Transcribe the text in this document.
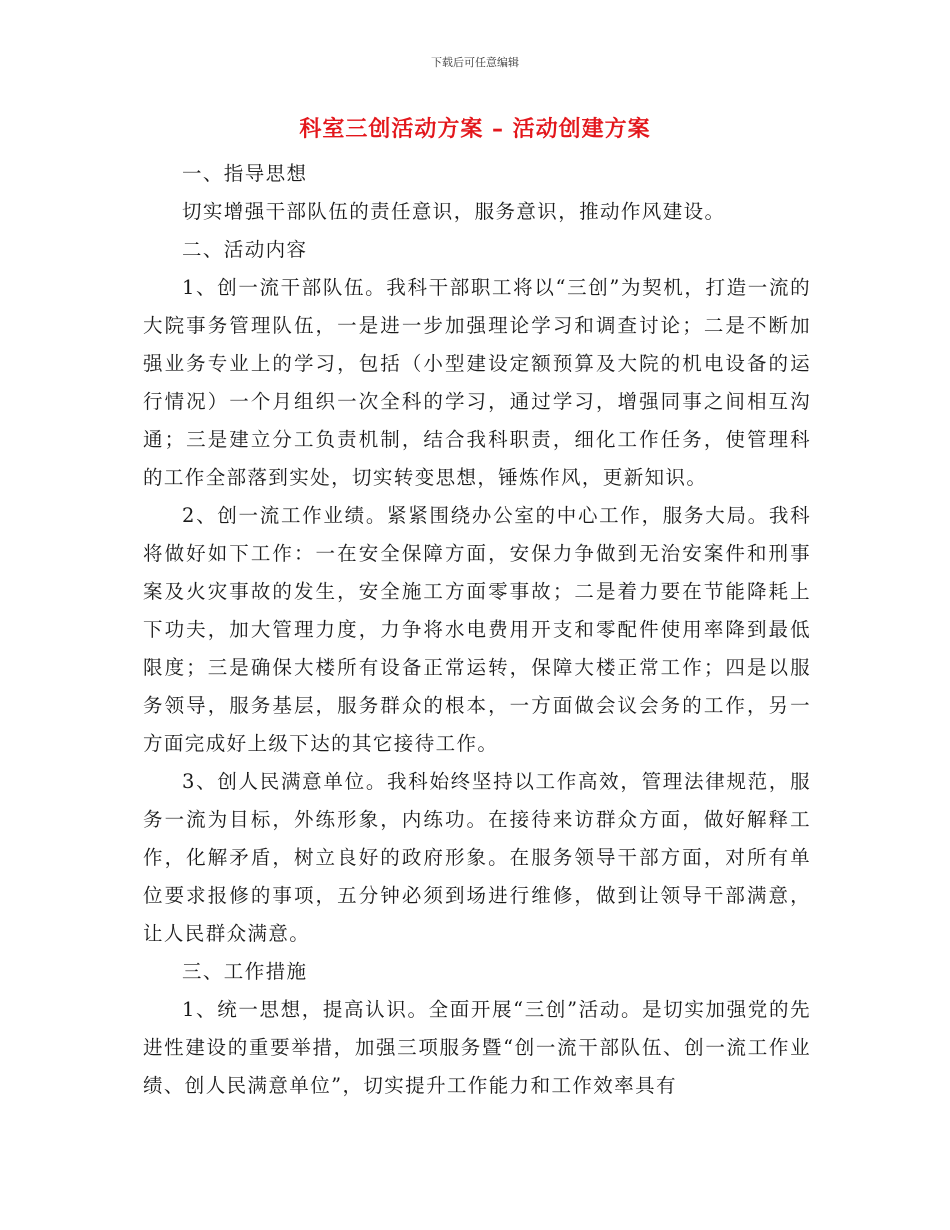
下载后可任意编辑
科室三创活动方案 – 活动创建方案

一、指导思想

切实增强干部队伍的责任意识，服务意识，推动作风建设。

二、活动内容

1、创一流干部队伍。我科干部职工将以“三创”为契机，打造一流的大院事务管理队伍，一是进一步加强理论学习和调查讨论；二是不断加强业务专业上的学习，包括（小型建设定额预算及大院的机电设备的运行情况）一个月组织一次全科的学习，通过学习，增强同事之间相互沟通；三是建立分工负责机制，结合我科职责，细化工作任务，使管理科的工作全部落到实处，切实转变思想，锤炼作风，更新知识。

2、创一流工作业绩。紧紧围绕办公室的中心工作，服务大局。我科将做好如下工作：一在安全保障方面，安保力争做到无治安案件和刑事案及火灾事故的发生，安全施工方面零事故；二是着力要在节能降耗上下功夫，加大管理力度，力争将水电费用开支和零配件使用率降到最低限度；三是确保大楼所有设备正常运转，保障大楼正常工作；四是以服务领导，服务基层，服务群众的根本，一方面做会议会务的工作，另一方面完成好上级下达的其它接待工作。

3、创人民满意单位。我科始终坚持以工作高效，管理法律规范，服务一流为目标，外练形象，内练功。在接待来访群众方面，做好解释工作，化解矛盾，树立良好的政府形象。在服务领导干部方面，对所有单位要求报修的事项，五分钟必须到场进行维修，做到让领导干部满意，让人民群众满意。

三、工作措施

1、统一思想，提高认识。全面开展“三创”活动。是切实加强党的先进性建设的重要举措，加强三项服务暨“创一流干部队伍、创一流工作业绩、创人民满意单位”，切实提升工作能力和工作效率具有
